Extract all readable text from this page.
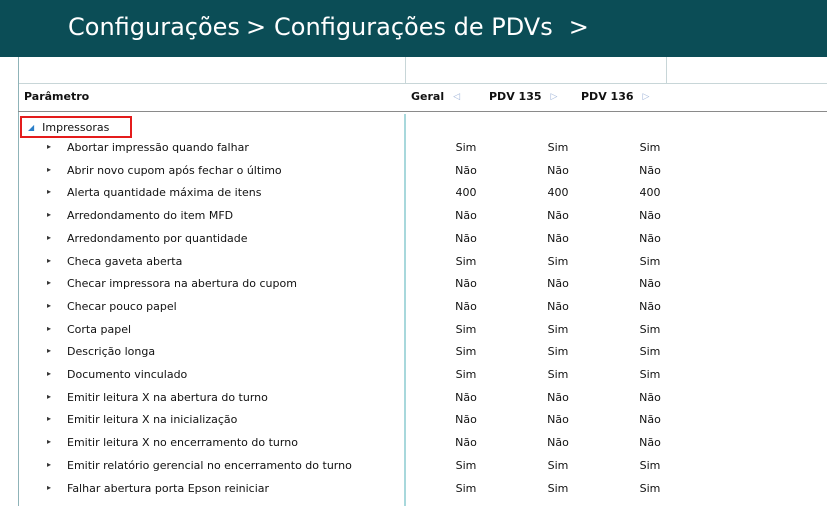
Configurações > Configurações de PDVs >
Parâmetro	Geral ◁	PDV 135 ▷ PDV 136 ▷
◢ Impressoras
▸ Abortar impressão quando falhar	Sim	Sim	Sim
▸ Abrir novo cupom após fechar o último	Não	Não	Não
▸ Alerta quantidade máxima de itens	400	400	400
▸ Arredondamento do item MFD	Não	Não	Não
▸ Arredondamento por quantidade	Não	Não	Não
▸ Checa gaveta aberta	Sim	Sim	Sim
▸ Checar impressora na abertura do cupom	Não	Não	Não
▸ Checar pouco papel	Não	Não	Não
▸ Corta papel	Sim	Sim	Sim
▸ Descrição longa	Sim	Sim	Sim
▸ Documento vinculado	Sim	Sim	Sim
▸ Emitir leitura X na abertura do turno	Não	Não	Não
▸ Emitir leitura X na inicialização	Não	Não	Não
▸ Emitir leitura X no encerramento do turno	Não	Não	Não
▸ Emitir relatório gerencial no encerramento do turno	Sim	Sim	Sim
▸ Falhar abertura porta Epson reiniciar	Sim	Sim	Sim
